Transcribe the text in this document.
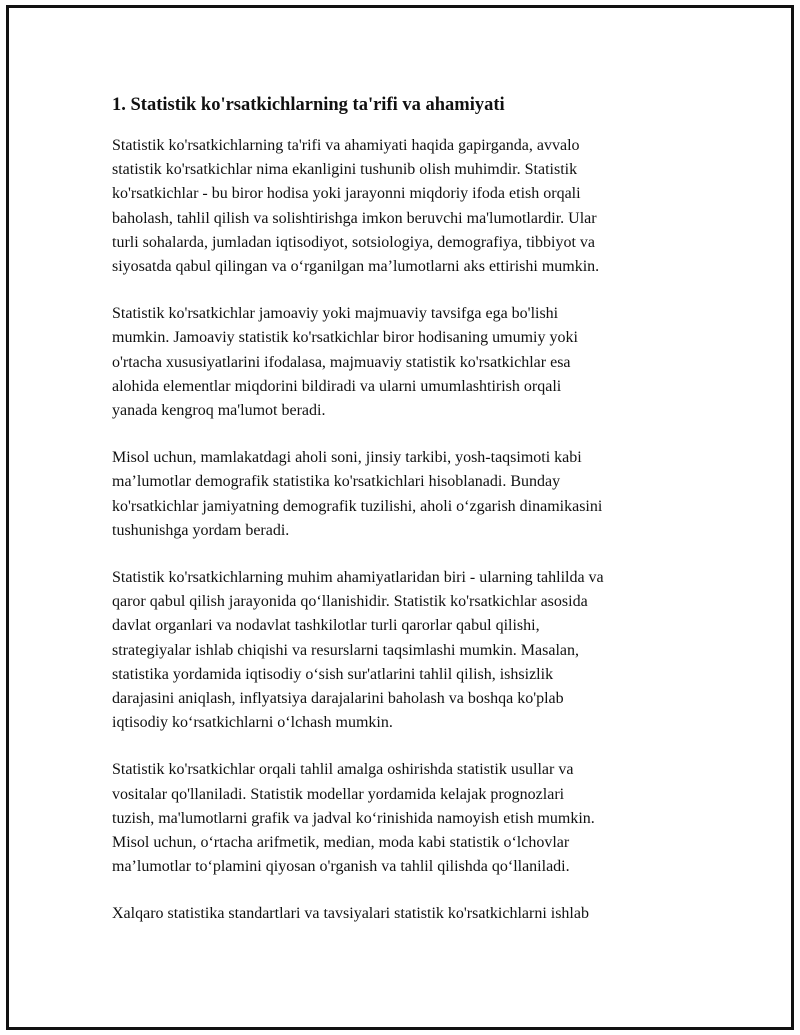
1. Statistik ko'rsatkichlarning ta'rifi va ahamiyati

Statistik ko'rsatkichlarning ta'rifi va ahamiyati haqida gapirganda, avvalo
statistik ko'rsatkichlar nima ekanligini tushunib olish muhimdir. Statistik
ko'rsatkichlar - bu biror hodisa yoki jarayonni miqdoriy ifoda etish orqali
baholash, tahlil qilish va solishtirishga imkon beruvchi ma'lumotlardir. Ular
turli sohalarda, jumladan iqtisodiyot, sotsiologiya, demografiya, tibbiyot va
siyosatda qabul qilingan va o‘rganilgan ma’lumotlarni aks ettirishi mumkin.

Statistik ko'rsatkichlar jamoaviy yoki majmuaviy tavsifga ega bo'lishi
mumkin. Jamoaviy statistik ko'rsatkichlar biror hodisaning umumiy yoki
o'rtacha xususiyatlarini ifodalasa, majmuaviy statistik ko'rsatkichlar esa
alohida elementlar miqdorini bildiradi va ularni umumlashtirish orqali
yanada kengroq ma'lumot beradi.

Misol uchun, mamlakatdagi aholi soni, jinsiy tarkibi, yosh-taqsimoti kabi
ma’lumotlar demografik statistika ko'rsatkichlari hisoblanadi. Bunday
ko'rsatkichlar jamiyatning demografik tuzilishi, aholi o‘zgarish dinamikasini
tushunishga yordam beradi.

Statistik ko'rsatkichlarning muhim ahamiyatlaridan biri - ularning tahlilda va
qaror qabul qilish jarayonida qo‘llanishidir. Statistik ko'rsatkichlar asosida
davlat organlari va nodavlat tashkilotlar turli qarorlar qabul qilishi,
strategiyalar ishlab chiqishi va resurslarni taqsimlashi mumkin. Masalan,
statistika yordamida iqtisodiy o‘sish sur'atlarini tahlil qilish, ishsizlik
darajasini aniqlash, inflyatsiya darajalarini baholash va boshqa ko'plab
iqtisodiy ko‘rsatkichlarni o‘lchash mumkin.

Statistik ko'rsatkichlar orqali tahlil amalga oshirishda statistik usullar va
vositalar qo'llaniladi. Statistik modellar yordamida kelajak prognozlari
tuzish, ma'lumotlarni grafik va jadval ko‘rinishida namoyish etish mumkin.
Misol uchun, o‘rtacha arifmetik, median, moda kabi statistik o‘lchovlar
ma’lumotlar to‘plamini qiyosan o'rganish va tahlil qilishda qo‘llaniladi.

Xalqaro statistika standartlari va tavsiyalari statistik ko'rsatkichlarni ishlab
